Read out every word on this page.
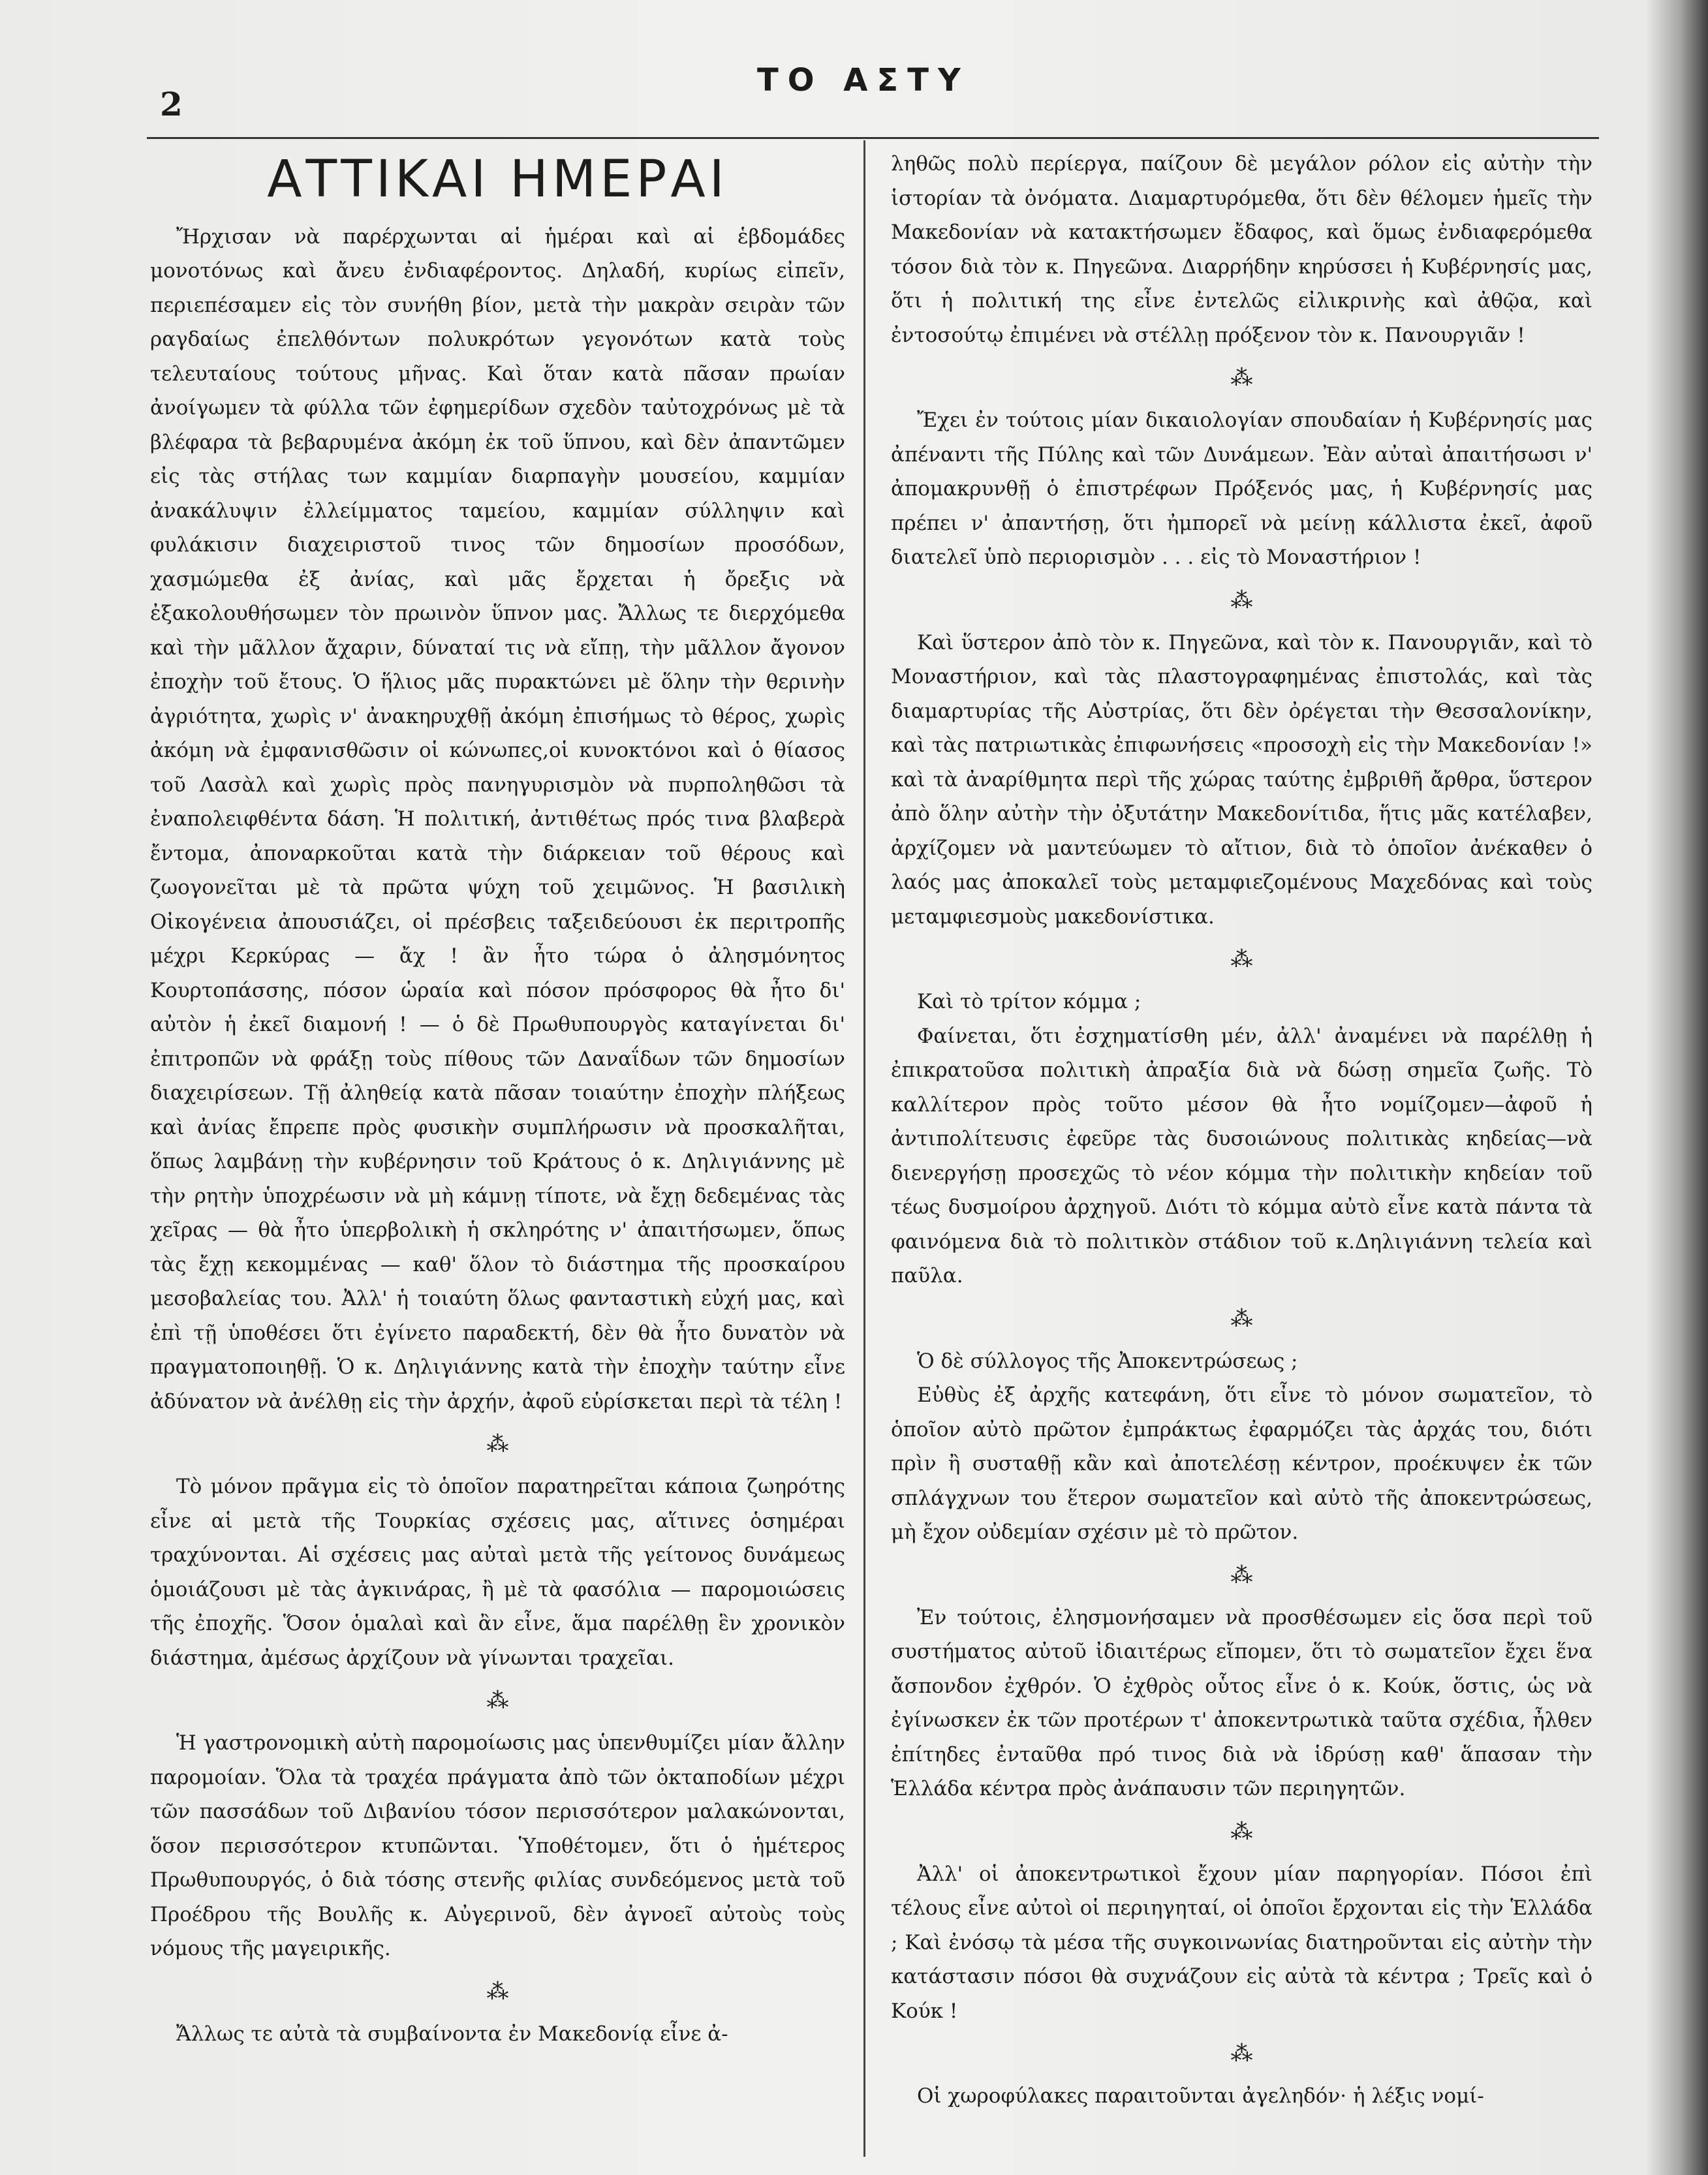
2
ΤΟ ΑΣΤΥ
ΑΤΤΙΚΑΙ ΗΜΕΡΑΙ

Ἤρχισαν νὰ παρέρχωνται αἱ ἡμέραι καὶ αἱ ἑβδομάδες μονοτόνως καὶ ἄνευ ἐνδιαφέροντος. Δηλαδή, κυρίως εἰπεῖν, περιεπέσαμεν εἰς τὸν συνήθη βίον, μετὰ τὴν μακρὰν σειρὰν τῶν ραγδαίως ἐπελθόντων πολυκρότων γεγονότων κατὰ τοὺς τελευταίους τούτους μῆνας. Καὶ ὅταν κατὰ πᾶσαν πρωίαν ἀνοίγωμεν τὰ φύλλα τῶν ἐφημερίδων σχεδὸν ταὐτοχρόνως μὲ τὰ βλέφαρα τὰ βεβαρυμένα ἀκόμη ἐκ τοῦ ὕπνου, καὶ δὲν ἀπαντῶμεν εἰς τὰς στήλας των καμμίαν διαρπαγὴν μουσείου, καμμίαν ἀνακάλυψιν ἐλλείμματος ταμείου, καμμίαν σύλληψιν καὶ φυλάκισιν διαχειριστοῦ τινος τῶν δημοσίων προσόδων, χασμώμεθα ἐξ ἀνίας, καὶ μᾶς ἔρχεται ἡ ὄρεξις νὰ ἐξακολουθήσωμεν τὸν πρωινὸν ὕπνον μας. Ἄλλως τε διερχόμεθα καὶ τὴν μᾶλλον ἄχαριν, δύναταί τις νὰ εἴπῃ, τὴν μᾶλλον ἄγονον ἐποχὴν τοῦ ἔτους. Ὁ ἥλιος μᾶς πυρακτώνει μὲ ὅλην τὴν θερινὴν ἀγριότητα, χωρὶς ν' ἀνακηρυχθῇ ἀκόμη ἐπισήμως τὸ θέρος, χωρὶς ἀκόμη νὰ ἐμφανισθῶσιν οἱ κώνωπες,οἱ κυνοκτόνοι καὶ ὁ θίασος τοῦ Λασὰλ καὶ χωρὶς πρὸς πανηγυρισμὸν νὰ πυρποληθῶσι τὰ ἐναπολειφθέντα δάση. Ἡ πολιτική, ἀντιθέτως πρός τινα βλαβερὰ ἔντομα, ἀποναρκοῦται κατὰ τὴν διάρκειαν τοῦ θέρους καὶ ζωογονεῖται μὲ τὰ πρῶτα ψύχη τοῦ χειμῶνος. Ἡ βασιλικὴ Οἰκογένεια ἀπουσιάζει, οἱ πρέσβεις ταξειδεύουσι ἐκ περιτροπῆς μέχρι Κερκύρας — ἄχ ! ἂν ἦτο τώρα ὁ ἀλησμόνητος Κουρτοπάσσης, πόσον ὡραία καὶ πόσον πρόσφορος θὰ ἦτο δι' αὐτὸν ἡ ἐκεῖ διαμονή ! — ὁ δὲ Πρωθυπουργὸς καταγίνεται δι' ἐπιτροπῶν νὰ φράξῃ τοὺς πίθους τῶν Δαναΐδων τῶν δημοσίων διαχειρίσεων. Τῇ ἀληθείᾳ κατὰ πᾶσαν τοιαύτην ἐποχὴν πλήξεως καὶ ἀνίας ἔπρεπε πρὸς φυσικὴν συμπλήρωσιν νὰ προσκαλῆται, ὅπως λαμβάνῃ τὴν κυβέρνησιν τοῦ Κράτους ὁ κ. Δηλιγιάννης μὲ τὴν ρητὴν ὑποχρέωσιν νὰ μὴ κάμνῃ τίποτε, νὰ ἔχῃ δεδεμένας τὰς χεῖρας — θὰ ἦτο ὑπερβολικὴ ἡ σκληρότης ν' ἀπαιτήσωμεν, ὅπως τὰς ἔχῃ κεκομμένας — καθ' ὅλον τὸ διάστημα τῆς προσκαίρου μεσοβαλείας του. Ἀλλ' ἡ τοιαύτη ὅλως φανταστικὴ εὐχή μας, καὶ ἐπὶ τῇ ὑποθέσει ὅτι ἐγίνετο παραδεκτή, δὲν θὰ ἦτο δυνατὸν νὰ πραγματοποιηθῇ. Ὁ κ. Δηλιγιάννης κατὰ τὴν ἐποχὴν ταύτην εἶνε ἀδύνατον νὰ ἀνέλθῃ εἰς τὴν ἀρχήν, ἀφοῦ εὑρίσκεται περὶ τὰ τέλη !

⁂

Τὸ μόνον πρᾶγμα εἰς τὸ ὁποῖον παρατηρεῖται κάποια ζωηρότης εἶνε αἱ μετὰ τῆς Τουρκίας σχέσεις μας, αἵτινες ὁσημέραι τραχύνονται. Αἱ σχέσεις μας αὐταὶ μετὰ τῆς γείτονος δυνάμεως ὁμοιάζουσι μὲ τὰς ἀγκινάρας, ἢ μὲ τὰ φασόλια — παρομοιώσεις τῆς ἐποχῆς. Ὅσον ὁμαλαὶ καὶ ἂν εἶνε, ἅμα παρέλθῃ ἓν χρονικὸν διάστημα, ἀμέσως ἀρχίζουν νὰ γίνωνται τραχεῖαι.

⁂

Ἡ γαστρονομικὴ αὐτὴ παρομοίωσις μας ὑπενθυμίζει μίαν ἄλλην παρομοίαν. Ὅλα τὰ τραχέα πράγματα ἀπὸ τῶν ὀκταποδίων μέχρι τῶν πασσάδων τοῦ Διβανίου τόσον περισσότερον μαλακώνονται, ὅσον περισσότερον κτυπῶνται. Ὑποθέτομεν, ὅτι ὁ ἡμέτερος Πρωθυπουργός, ὁ διὰ τόσης στενῆς φιλίας συνδεόμενος μετὰ τοῦ Προέδρου τῆς Βουλῆς κ. Αὐγερινοῦ, δὲν ἀγνοεῖ αὐτοὺς τοὺς νόμους τῆς μαγειρικῆς.

⁂

Ἄλλως τε αὐτὰ τὰ συμβαίνοντα ἐν Μακεδονίᾳ εἶνε ἀ-

ληθῶς πολὺ περίεργα, παίζουν δὲ μεγάλον ρόλον εἰς αὐτὴν τὴν ἱστορίαν τὰ ὀνόματα. Διαμαρτυρόμεθα, ὅτι δὲν θέλομεν ἡμεῖς τὴν Μακεδονίαν νὰ κατακτήσωμεν ἔδαφος, καὶ ὅμως ἐνδιαφερόμεθα τόσον διὰ τὸν κ. Πηγεῶνα. Διαρρήδην κηρύσσει ἡ Κυβέρνησίς μας, ὅτι ἡ πολιτική της εἶνε ἐντελῶς εἰλικρινὴς καὶ ἀθῷα, καὶ ἐντοσούτῳ ἐπιμένει νὰ στέλλῃ πρόξενον τὸν κ. Πανουργιᾶν !

⁂

Ἔχει ἐν τούτοις μίαν δικαιολογίαν σπουδαίαν ἡ Κυβέρνησίς μας ἀπέναντι τῆς Πύλης καὶ τῶν Δυνάμεων. Ἐὰν αὐταὶ ἀπαιτήσωσι ν' ἀπομακρυνθῇ ὁ ἐπιστρέφων Πρόξενός μας, ἡ Κυβέρνησίς μας πρέπει ν' ἀπαντήσῃ, ὅτι ἠμπορεῖ νὰ μείνῃ κάλλιστα ἐκεῖ, ἀφοῦ διατελεῖ ὑπὸ περιορισμὸν . . . εἰς τὸ Μοναστήριον !

⁂

Καὶ ὕστερον ἀπὸ τὸν κ. Πηγεῶνα, καὶ τὸν κ. Πανουργιᾶν, καὶ τὸ Μοναστήριον, καὶ τὰς πλαστογραφημένας ἐπιστολάς, καὶ τὰς διαμαρτυρίας τῆς Αὐστρίας, ὅτι δὲν ὀρέγεται τὴν Θεσσαλονίκην, καὶ τὰς πατριωτικὰς ἐπιφωνήσεις «προσοχὴ εἰς τὴν Μακεδονίαν !» καὶ τὰ ἀναρίθμητα περὶ τῆς χώρας ταύτης ἐμβριθῆ ἄρθρα, ὕστερον ἀπὸ ὅλην αὐτὴν τὴν ὀξυτάτην Μακεδονίτιδα, ἥτις μᾶς κατέλαβεν, ἀρχίζομεν νὰ μαντεύωμεν τὸ αἴτιον, διὰ τὸ ὁποῖον ἀνέκαθεν ὁ λαός μας ἀποκαλεῖ τοὺς μεταμφιεζομένους Μαχεδόνας καὶ τοὺς μεταμφιεσμοὺς μακεδονίστικα.

⁂

Καὶ τὸ τρίτον κόμμα ;

Φαίνεται, ὅτι ἐσχηματίσθη μέν, ἀλλ' ἀναμένει νὰ παρέλθῃ ἡ ἐπικρατοῦσα πολιτικὴ ἀπραξία διὰ νὰ δώσῃ σημεῖα ζωῆς. Τὸ καλλίτερον πρὸς τοῦτο μέσον θὰ ἦτο νομίζομεν—ἀφοῦ ἡ ἀντιπολίτευσις ἐφεῦρε τὰς δυσοιώνους πολιτικὰς κηδείας—νὰ διενεργήσῃ προσεχῶς τὸ νέον κόμμα τὴν πολιτικὴν κηδείαν τοῦ τέως δυσμοίρου ἀρχηγοῦ. Διότι τὸ κόμμα αὐτὸ εἶνε κατὰ πάντα τὰ φαινόμενα διὰ τὸ πολιτικὸν στάδιον τοῦ κ.Δηλιγιάννη τελεία καὶ παῦλα.

⁂

Ὁ δὲ σύλλογος τῆς Ἀποκεντρώσεως ;

Εὐθὺς ἐξ ἀρχῆς κατεφάνη, ὅτι εἶνε τὸ μόνον σωματεῖον, τὸ ὁποῖον αὐτὸ πρῶτον ἐμπράκτως ἐφαρμόζει τὰς ἀρχάς του, διότι πρὶν ἢ συσταθῇ κἂν καὶ ἀποτελέσῃ κέντρον, προέκυψεν ἐκ τῶν σπλάγχνων του ἕτερον σωματεῖον καὶ αὐτὸ τῆς ἀποκεντρώσεως, μὴ ἔχον οὐδεμίαν σχέσιν μὲ τὸ πρῶτον.

⁂

Ἐν τούτοις, ἐλησμονήσαμεν νὰ προσθέσωμεν εἰς ὅσα περὶ τοῦ συστήματος αὐτοῦ ἰδιαιτέρως εἴπομεν, ὅτι τὸ σωματεῖον ἔχει ἕνα ἄσπονδον ἐχθρόν. Ὁ ἐχθρὸς οὗτος εἶνε ὁ κ. Κούκ, ὅστις, ὡς νὰ ἐγίνωσκεν ἐκ τῶν προτέρων τ' ἀποκεντρωτικὰ ταῦτα σχέδια, ἦλθεν ἐπίτηδες ἐνταῦθα πρό τινος διὰ νὰ ἱδρύσῃ καθ' ἅπασαν τὴν Ἑλλάδα κέντρα πρὸς ἀνάπαυσιν τῶν περιηγητῶν.

⁂

Ἀλλ' οἱ ἀποκεντρωτικοὶ ἔχουν μίαν παρηγορίαν. Πόσοι ἐπὶ τέλους εἶνε αὐτοὶ οἱ περιηγηταί, οἱ ὁποῖοι ἔρχονται εἰς τὴν Ἑλλάδα ; Καὶ ἐνόσῳ τὰ μέσα τῆς συγκοινωνίας διατηροῦνται εἰς αὐτὴν τὴν κατάστασιν πόσοι θὰ συχνάζουν εἰς αὐτὰ τὰ κέντρα ; Τρεῖς καὶ ὁ Κούκ !

⁂

Οἱ χωροφύλακες παραιτοῦνται ἀγεληδόν· ἡ λέξις νομί-
